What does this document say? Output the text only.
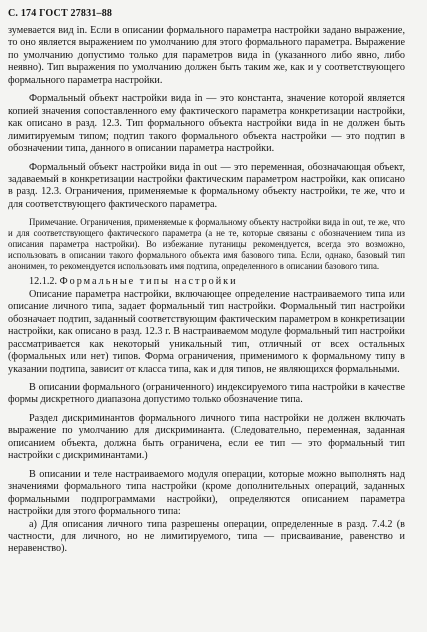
С. 174 ГОСТ 27831–88

зумевается вид in. Если в описании формального параметра настройки задано выражение, то оно является выражением по умолчанию для этого формального параметра. Выражение по умолчанию допустимо только для параметров вида in (указанного либо явно, либо неявно). Тип выражения по умолчанию должен быть таким же, как и у соответствующего формального параметра настройки.

Формальный объект настройки вида in — это константа, значение которой является копией значения сопоставленного ему фактического параметра конкретизации настройки, как описано в разд. 12.3. Тип формального объекта настройки вида in не должен быть лимитируемым типом; подтип такого формального объекта настройки — это подтип в обозначении типа, данного в описании параметра настройки.

Формальный объект настройки вида in out — это переменная, обозначающая объект, задаваемый в конкретизации настройки фактическим параметром настройки, как описано в разд. 12.3. Ограничения, применяемые к формальному объекту настройки, те же, что и для соответствующего фактического параметра.

Примечание. Ограничения, применяемые к формальному объекту настройки вида in out, те же, что и для соответствующего фактического параметра (а не те, которые связаны с обозначением типа из описания параметра настройки). Во избежание путаницы рекомендуется, всегда это возможно, использовать в описании такого формального объекта имя базового типа. Если, однако, базовый тип анонимен, то рекомендуется использовать имя подтипа, определенного в описании базового типа.

12.1.2. Формальные типы настройки

Описание параметра настройки, включающее определение настраиваемого типа или описание личного типа, задает формальный тип настройки. Формальный тип настройки обозначает подтип, заданный соответствующим фактическим параметром в конкретизации настройки, как описано в разд. 12.3 г. В настраиваемом модуле формальный тип настройки рассматривается как некоторый уникальный тип, отличный от всех остальных (формальных или нет) типов. Форма ограничения, применимого к формальному типу в указании подтипа, зависит от класса типа, как и для типов, не являющихся формальными.

В описании формального (ограниченного) индексируемого типа настройки в качестве формы дискретного диапазона допустимо только обозначение типа.

Раздел дискриминантов формального личного типа настройки не должен включать выражение по умолчанию для дискриминанта. (Следовательно, переменная, заданная описанием объекта, должна быть ограничена, если ее тип — это формальный тип настройки с дискриминантами.)

В описании и теле настраиваемого модуля операции, которые можно выполнять над значениями формального типа настройки (кроме дополнительных операций, заданных формальными подпрограммами настройки), определяются описанием параметра настройки для этого формального типа:

а) Для описания личного типа разрешены операции, определенные в разд. 7.4.2 (в частности, для личного, но не лимитируемого, типа — присваивание, равенство и неравенство).
